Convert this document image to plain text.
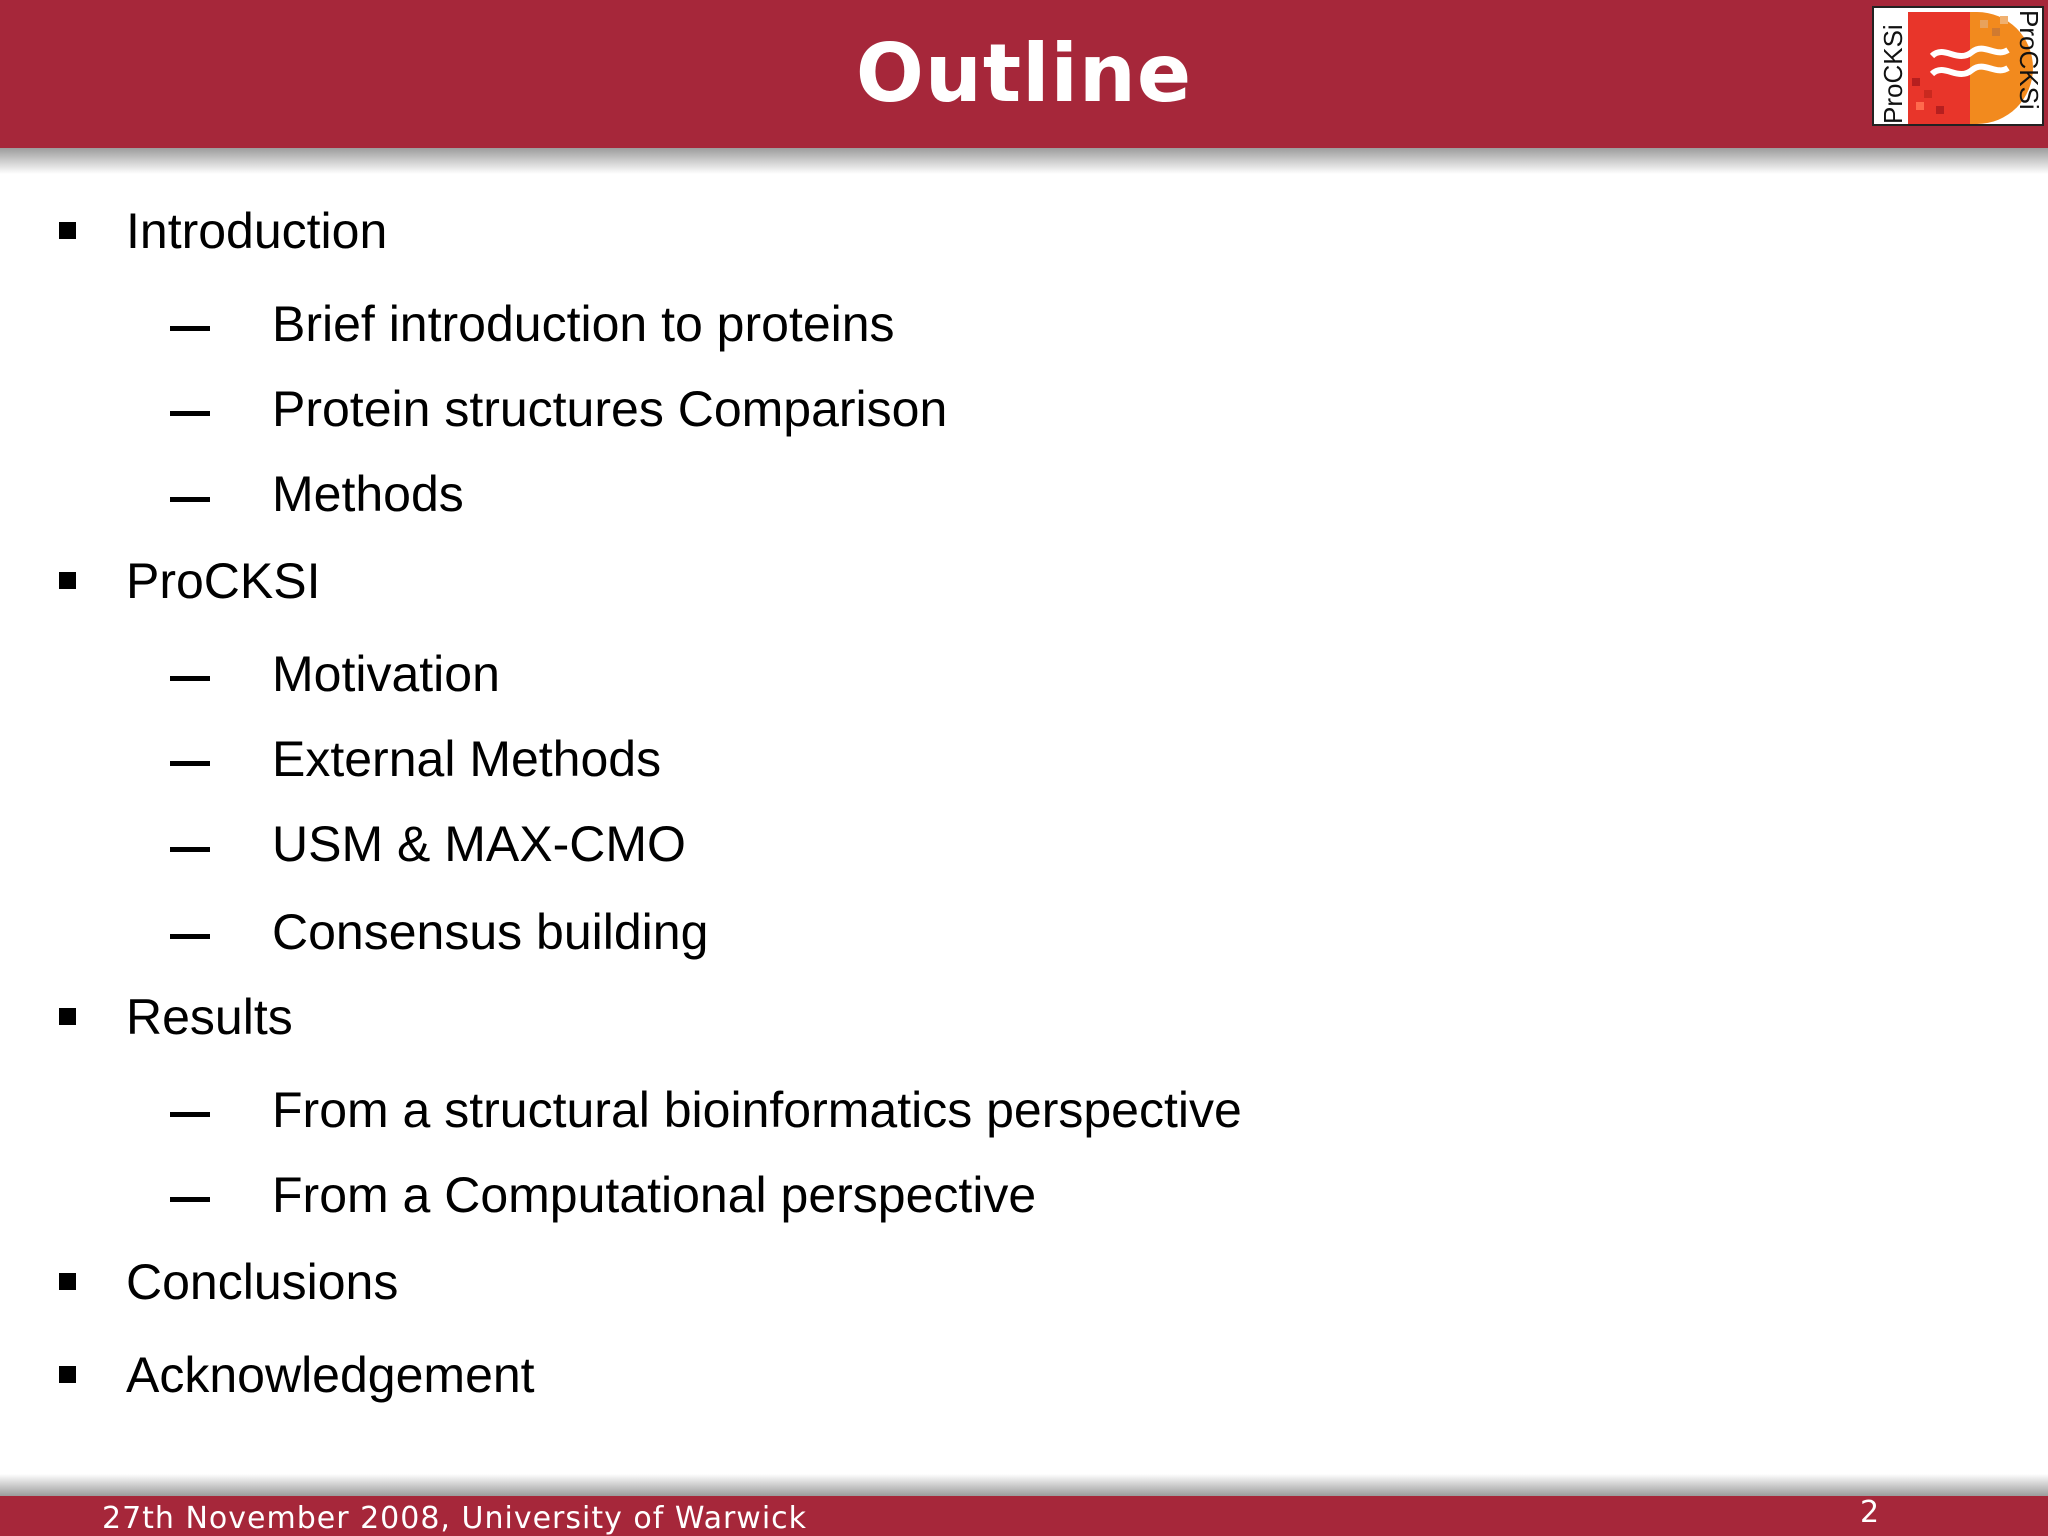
Outline	ProCKSi	ProCKSi
Introduction
Brief introduction to proteins
Protein structures Comparison
Methods
ProCKSI
Motivation
External Methods
USM & MAX-CMO
Consensus building
Results
From a structural bioinformatics perspective
From a Computational perspective
Conclusions
Acknowledgement
27th November 2008, University of Warwick	2
